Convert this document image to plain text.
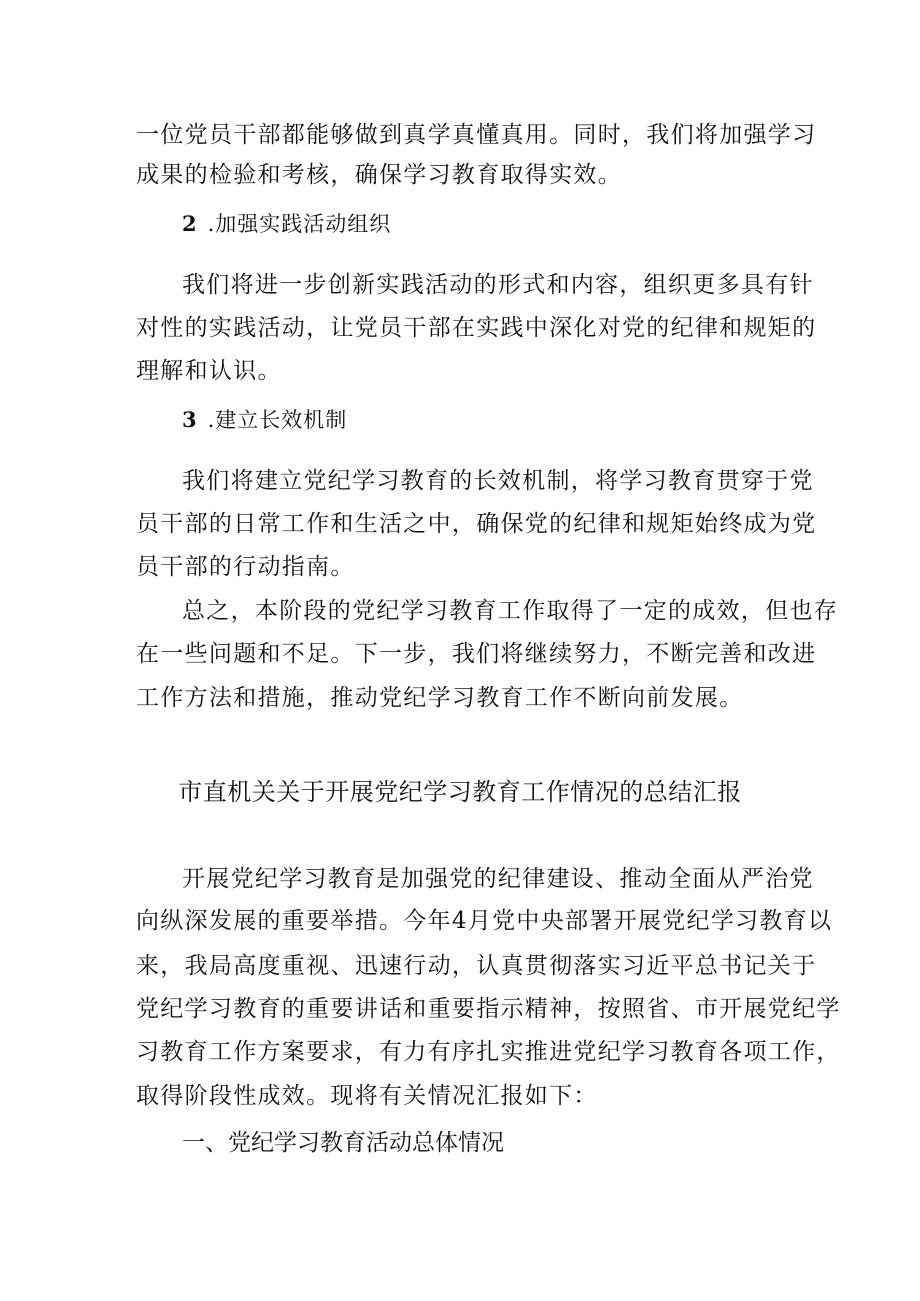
一位党员干部都能够做到真学真懂真用。同时，我们将加强学习
成果的检验和考核，确保学习教育取得实效。
2 .加强实践活动组织
我们将进一步创新实践活动的形式和内容，组织更多具有针
对性的实践活动，让党员干部在实践中深化对党的纪律和规矩的
理解和认识。
3 .建立长效机制
我们将建立党纪学习教育的长效机制，将学习教育贯穿于党
员干部的日常工作和生活之中，确保党的纪律和规矩始终成为党
员干部的行动指南。
总之，本阶段的党纪学习教育工作取得了一定的成效，但也存
在一些问题和不足。下一步，我们将继续努力，不断完善和改进
工作方法和措施，推动党纪学习教育工作不断向前发展。
市直机关关于开展党纪学习教育工作情况的总结汇报
开展党纪学习教育是加强党的纪律建设、推动全面从严治党
向纵深发展的重要举措。今年4月党中央部署开展党纪学习教育以
来，我局高度重视、迅速行动，认真贯彻落实习近平总书记关于
党纪学习教育的重要讲话和重要指示精神，按照省、市开展党纪学
习教育工作方案要求，有力有序扎实推进党纪学习教育各项工作，
取得阶段性成效。现将有关情况汇报如下：
一、党纪学习教育活动总体情况
